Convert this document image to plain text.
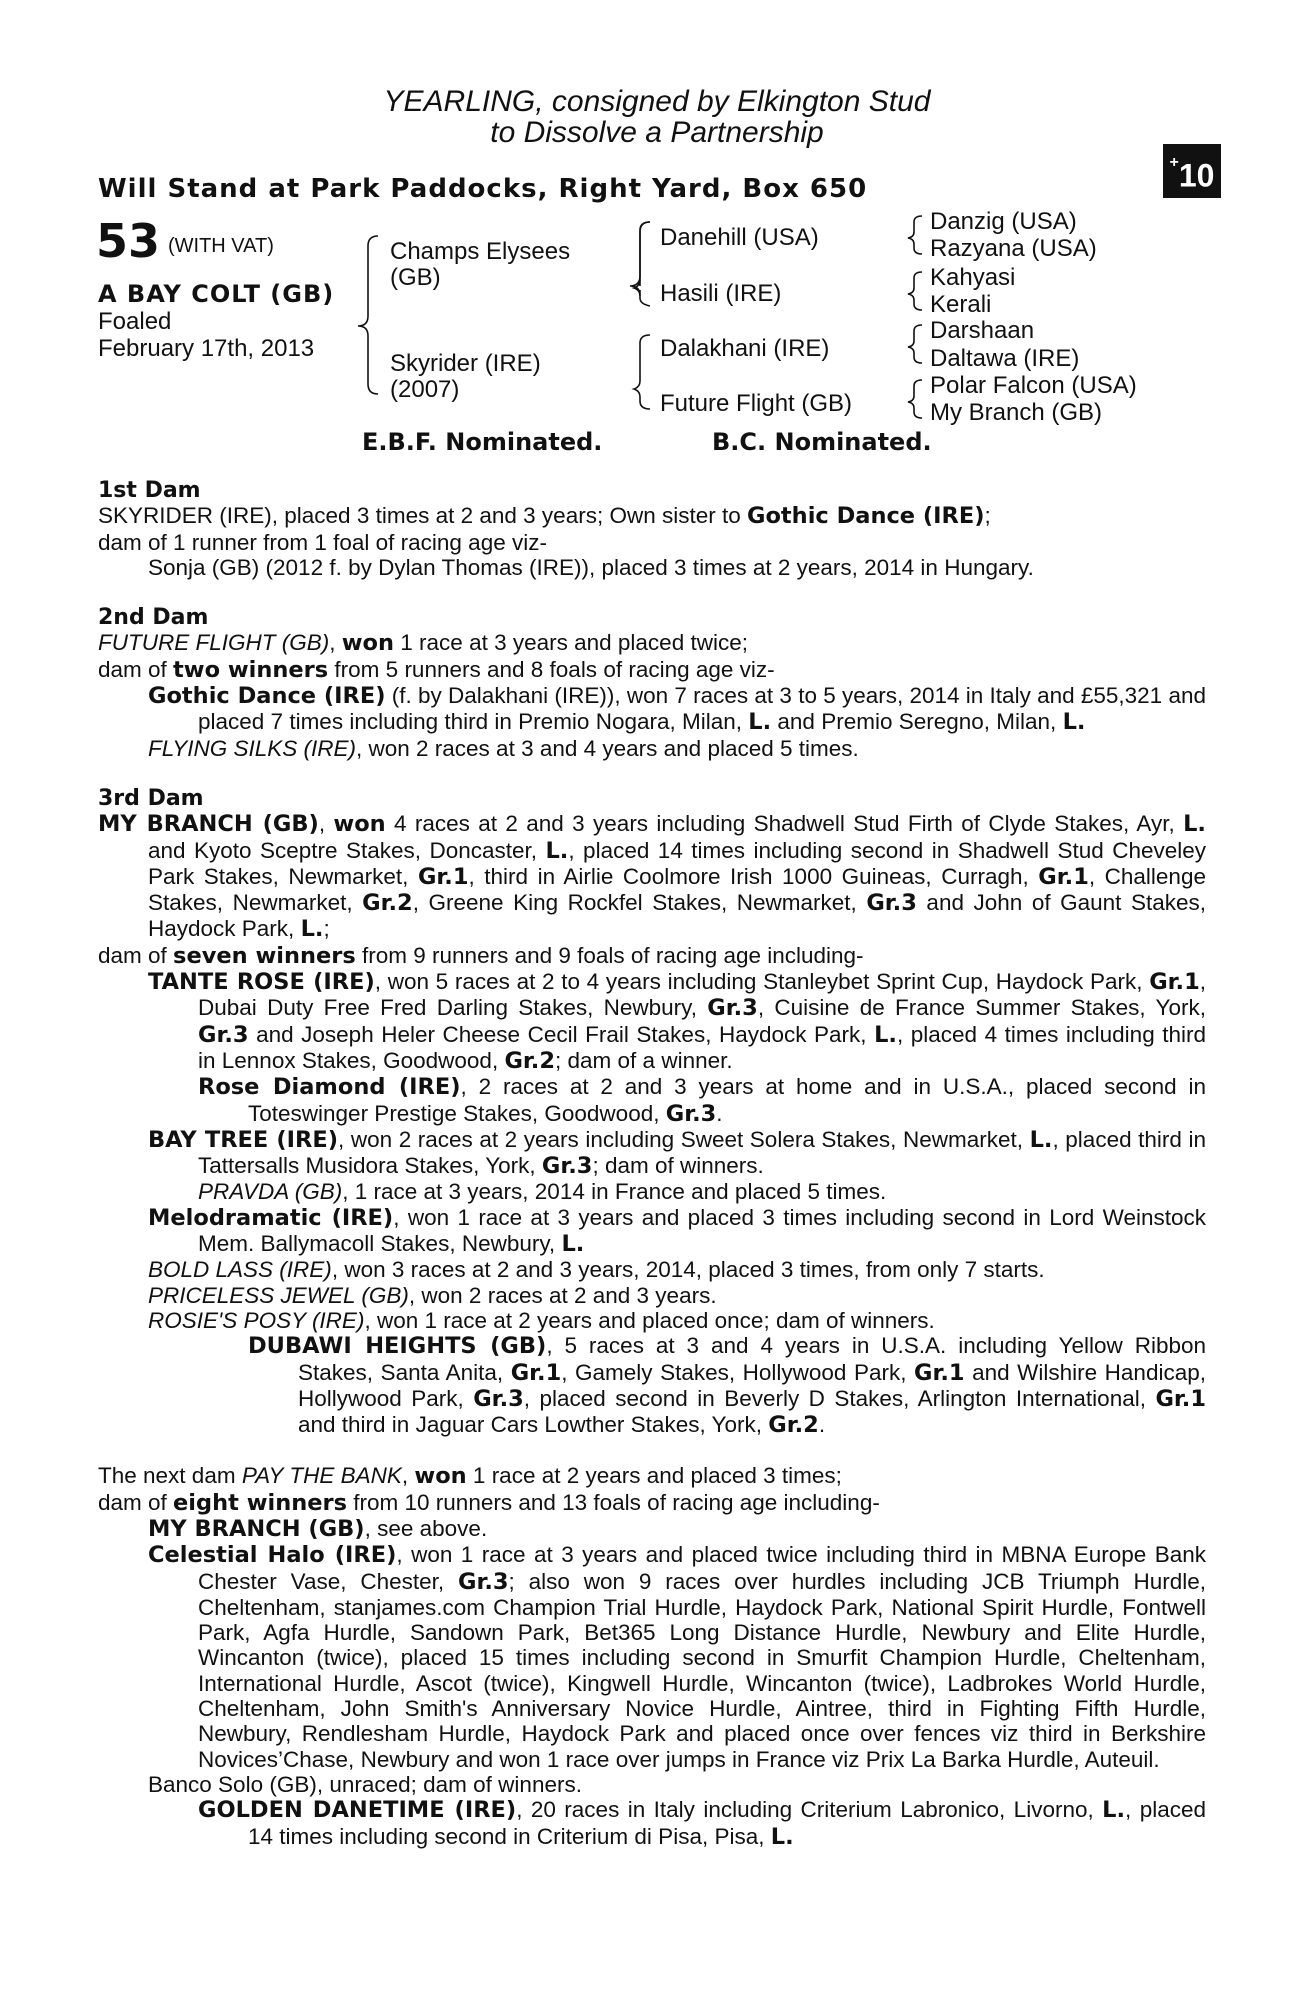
YEARLING, consigned by Elkington Stud
to Dissolve a Partnership
Will Stand at Park Paddocks, Right Yard, Box 650
+10
53 (WITH VAT)
A BAY COLT (GB)
Foaled
February 17th, 2013
Champs Elysees
(GB)
Skyrider (IRE)
(2007)
Danehill (USA)
Hasili (IRE)
Dalakhani (IRE)
Future Flight (GB)
Danzig (USA)
Razyana (USA)
Kahyasi
Kerali
Darshaan
Daltawa (IRE)
Polar Falcon (USA)
My Branch (GB)
E.B.F. Nominated.	B.C. Nominated.

1st Dam

SKYRIDER (IRE), placed 3 times at 2 and 3 years; Own sister to Gothic Dance (IRE);

dam of 1 runner from 1 foal of racing age viz-

Sonja (GB) (2012 f. by Dylan Thomas (IRE)), placed 3 times at 2 years, 2014 in Hungary.

2nd Dam

FUTURE FLIGHT (GB), won 1 race at 3 years and placed twice;

dam of two winners from 5 runners and 8 foals of racing age viz-

Gothic Dance (IRE) (f. by Dalakhani (IRE)), won 7 races at 3 to 5 years, 2014 in Italy and £55,321 and placed 7 times including third in Premio Nogara, Milan, L. and Premio Seregno, Milan, L.

FLYING SILKS (IRE), won 2 races at 3 and 4 years and placed 5 times.

3rd Dam

MY BRANCH (GB), won 4 races at 2 and 3 years including Shadwell Stud Firth of Clyde Stakes, Ayr, L. and Kyoto Sceptre Stakes, Doncaster, L., placed 14 times including second in Shadwell Stud Cheveley Park Stakes, Newmarket, Gr.1, third in Airlie Coolmore Irish 1000 Guineas, Curragh, Gr.1, Challenge Stakes, Newmarket, Gr.2, Greene King Rockfel Stakes, Newmarket, Gr.3 and John of Gaunt Stakes, Haydock Park, L.;

dam of seven winners from 9 runners and 9 foals of racing age including-

TANTE ROSE (IRE), won 5 races at 2 to 4 years including Stanleybet Sprint Cup, Haydock Park, Gr.1, Dubai Duty Free Fred Darling Stakes, Newbury, Gr.3, Cuisine de France Summer Stakes, York, Gr.3 and Joseph Heler Cheese Cecil Frail Stakes, Haydock Park, L., placed 4 times including third in Lennox Stakes, Goodwood, Gr.2; dam of a winner.

Rose Diamond (IRE), 2 races at 2 and 3 years at home and in U.S.A., placed second in Toteswinger Prestige Stakes, Goodwood, Gr.3.

BAY TREE (IRE), won 2 races at 2 years including Sweet Solera Stakes, Newmarket, L., placed third in Tattersalls Musidora Stakes, York, Gr.3; dam of winners.

PRAVDA (GB), 1 race at 3 years, 2014 in France and placed 5 times.

Melodramatic (IRE), won 1 race at 3 years and placed 3 times including second in Lord Weinstock Mem. Ballymacoll Stakes, Newbury, L.

BOLD LASS (IRE), won 3 races at 2 and 3 years, 2014, placed 3 times, from only 7 starts.

PRICELESS JEWEL (GB), won 2 races at 2 and 3 years.

ROSIE'S POSY (IRE), won 1 race at 2 years and placed once; dam of winners.

DUBAWI HEIGHTS (GB), 5 races at 3 and 4 years in U.S.A. including Yellow Ribbon Stakes, Santa Anita, Gr.1, Gamely Stakes, Hollywood Park, Gr.1 and Wilshire Handicap, Hollywood Park, Gr.3, placed second in Beverly D Stakes, Arlington International, Gr.1 and third in Jaguar Cars Lowther Stakes, York, Gr.2.

The next dam PAY THE BANK, won 1 race at 2 years and placed 3 times;

dam of eight winners from 10 runners and 13 foals of racing age including-

MY BRANCH (GB), see above.

Celestial Halo (IRE), won 1 race at 3 years and placed twice including third in MBNA Europe Bank Chester Vase, Chester, Gr.3; also won 9 races over hurdles including JCB Triumph Hurdle, Cheltenham, stanjames.com Champion Trial Hurdle, Haydock Park, National Spirit Hurdle, Fontwell Park, Agfa Hurdle, Sandown Park, Bet365 Long Distance Hurdle, Newbury and Elite Hurdle, Wincanton (twice), placed 15 times including second in Smurfit Champion Hurdle, Cheltenham, International Hurdle, Ascot (twice), Kingwell Hurdle, Wincanton (twice), Ladbrokes World Hurdle, Cheltenham, John Smith's Anniversary Novice Hurdle, Aintree, third in Fighting Fifth Hurdle, Newbury, Rendlesham Hurdle, Haydock Park and placed once over fences viz third in Berkshire Novices’Chase, Newbury and won 1 race over jumps in France viz Prix La Barka Hurdle, Auteuil.

Banco Solo (GB), unraced; dam of winners.

GOLDEN DANETIME (IRE), 20 races in Italy including Criterium Labronico, Livorno, L., placed 14 times including second in Criterium di Pisa, Pisa, L.
